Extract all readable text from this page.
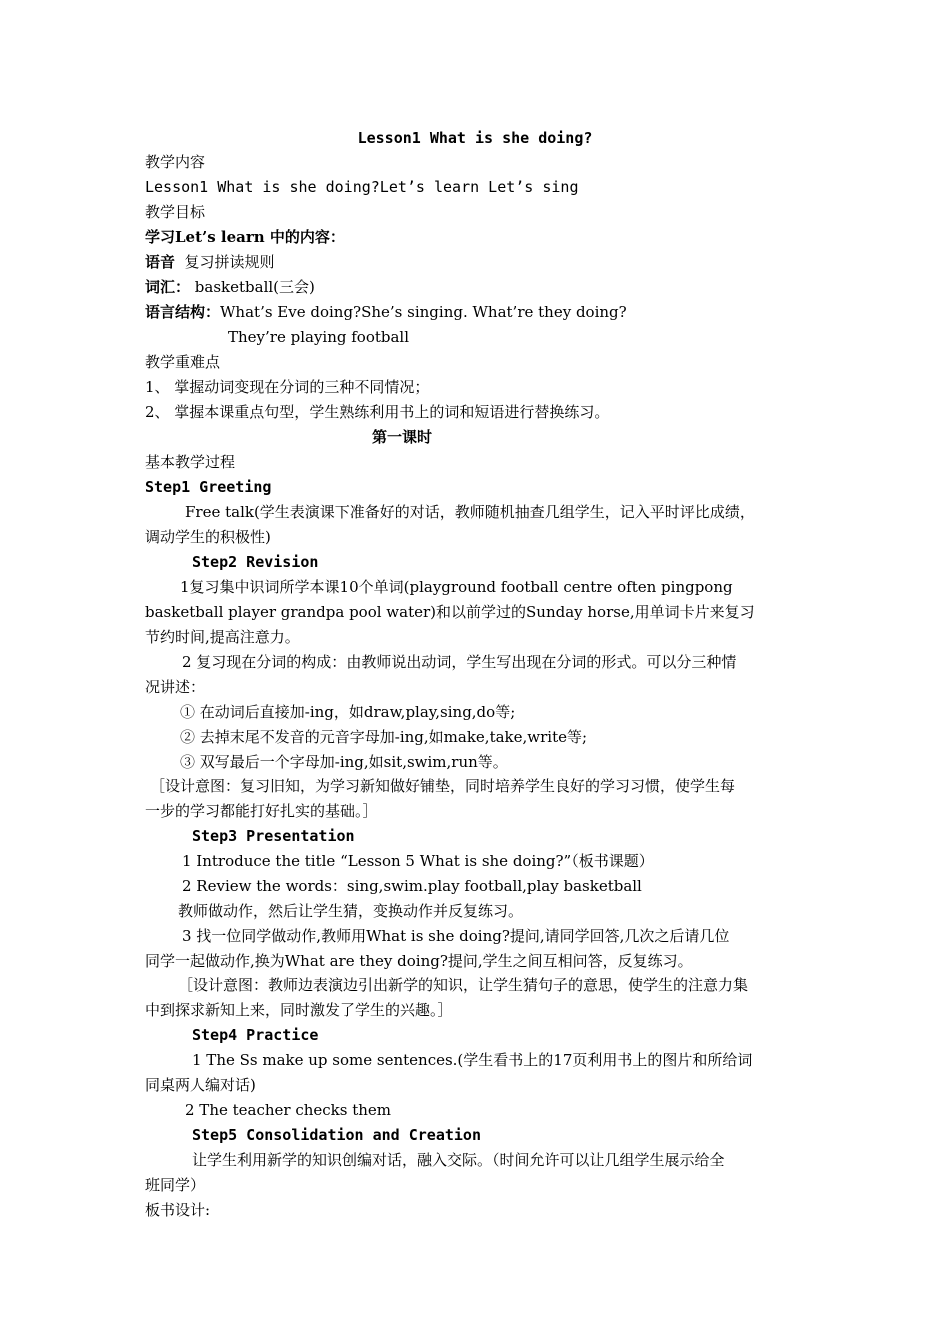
Lesson1 What is she doing?
教学内容
Lesson1 What is she doing?Let’s learn Let’s sing
教学目标
学习Let’s learn 中的内容：
语音  复习拼读规则
词汇： basketball(三会)
语言结构：What’s Eve doing?She’s singing. What’re they doing?
They’re playing football
教学重难点
1、 掌握动词变现在分词的三种不同情况；
2、 掌握本课重点句型，学生熟练利用书上的词和短语进行替换练习。
第一课时
基本教学过程
Step1 Greeting
Free talk(学生表演课下准备好的对话，教师随机抽查几组学生，记入平时评比成绩，
调动学生的积极性)
Step2 Revision
1复习集中识词所学本课10个单词(playground football centre often pingpong
basketball player grandpa pool water)和以前学过的Sunday horse,用单词卡片来复习
节约时间,提高注意力。
2 复习现在分词的构成：由教师说出动词，学生写出现在分词的形式。可以分三种情
况讲述：
① 在动词后直接加-ing，如draw,play,sing,do等;
② 去掉末尾不发音的元音字母加-ing,如make,take,write等;
③ 双写最后一个字母加-ing,如sit,swim,run等。
［设计意图：复习旧知，为学习新知做好铺垫，同时培养学生良好的学习习惯，使学生每
一步的学习都能打好扎实的基础。］
Step3 Presentation
1 Introduce the title “Lesson 5 What is she doing?”（板书课题）
2 Review the words：sing,swim.play football,play basketball
教师做动作，然后让学生猜，变换动作并反复练习。
3 找一位同学做动作,教师用What is she doing?提问,请同学回答,几次之后请几位
同学一起做动作,换为What are they doing?提问,学生之间互相问答，反复练习。
［设计意图：教师边表演边引出新学的知识，让学生猜句子的意思，使学生的注意力集
中到探求新知上来，同时激发了学生的兴趣。］
Step4 Practice
1 The Ss make up some sentences.(学生看书上的17页利用书上的图片和所给词
同桌两人编对话)
2 The teacher checks them
Step5 Consolidation and Creation
让学生利用新学的知识创编对话，融入交际。（时间允许可以让几组学生展示给全
班同学）
板书设计:
